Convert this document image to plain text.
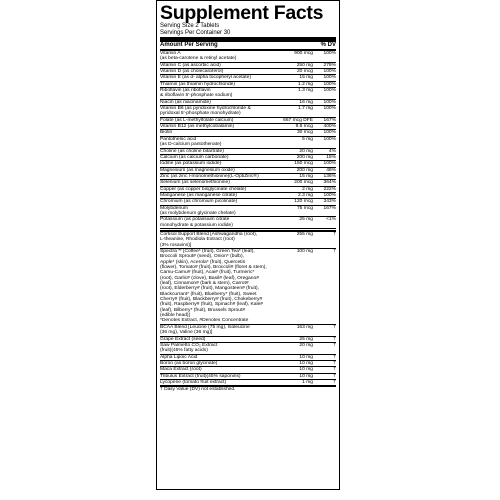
Supplement Facts
Serving Size 2 Tablets
Servings Per Container 30
Amount Per Serving	% DV
Vitamin A
(as beta-carotene & retinyl acetate)
900 mcg	100%
Vitamin C (as ascorbic acid)	250 mg	278%
Vitamin D (as cholecalciferol)	20 mcg	100%
Vitamin E (as d- alpha tocopheryl acetate)	15 mg	100%
Thiamin (as thiamin hydrochloride)	1.2 mg	100%
Riboflavin (as riboflavin
& riboflavin 5'-phosphate sodium)
1.3 mg	100%
Niacin (as niacinamide)	16 mg	100%
Vitamin B6 (as pyridoxine hydrochloride &
pyridoxal 5'-phosphate monohydrate)
1.7 mg	100%
Folate (as L-methylfolate calcium)	667 mcg DFE	167%
Vitamin B12 (as methylcobalamin)	9.6 mcg	400%
Biotin	30 mcg	100%
Pantothenic acid
(as D-calcium pantothenate)
5 mg	100%
Choline (as choline bitartrate)	20 mg	4%
Calcium (as calcium carbonate)	200 mg	15%
Iodine (as potassium iodide)	150 mcg	100%
Magnesium (as magnesium oxide)	200 mg	48%
Zinc (as zinc l-monomethionine)(L-OptiZinc®)	15 mg	136%
Selenium (as selenomethionine)	200 mcg	364%
Copper (as copper bisglycinate chelate)	2 mg	222%
Manganese (as manganese citrate)	2.3 mg	100%
Chromium (as chromium picolinate)	120 mcg	343%
Molybdenum
(as molybdenum glycinate chelate)
75 mcg	167%
Potassium (as potassium citrate
monohydrate & potassium iodide)
25 mg	<1%
Cortisol Support Blend [Ashwagandha (root),
L-theanine, Rhodiola Extract (root)
(3% rosavins)]
255 mg	†
Spectra™ [Coffee* (fruit), Green Tea* (leaf),
Broccoli Sprout# (seed), Onion* (bulb),
Apple* (skin), Acerola* (fruit), Quercetin
(flower), Tomato# (fruit), Broccoli# (floret & stem),
Camu-Camu# (fruit), Acai# (fruit), Turmeric*
(root), Garlic# (clove), Basil# (leaf), Oregano#
(leaf), Cinnamon# (bark & stem), Carrot#
(root), Elderberry# (fruit), Mangosteen# (fruit),
Blackcurrant* (fruit), Blueberry* (fruit), Sweet
Cherry# (fruit), Blackberry# (fruit), Chokeberry#
(fruit), Raspberry# (fruit), Spinach# (leaf), Kale#
(leaf), Bilberry* (fruit), Brussels Sprout#
(edible head)]
*Denotes Extract, #Denotes Concentrate
100 mg	†
BCAA Blend [Leucine (75 mg), Isoleucine
(36 mg), Valine (36 mg)]
163 mg	†
Grape Extract (seed)	25 mg	†
Saw Palmetto CO₂ Extract
(fruit)(45% fatty acids)
20 mg	†
Alpha Lipoic Acid	10 mg	†
Boron (as boron glycinate)	10 mg	†
Maca Extract (root)	10 mg	†
Tribulus Extract (fruit)(45% saponins)	10 mg	†
Lycopene (tomato fruit extract)	1 mg	†
† Daily Value (DV) not established.
